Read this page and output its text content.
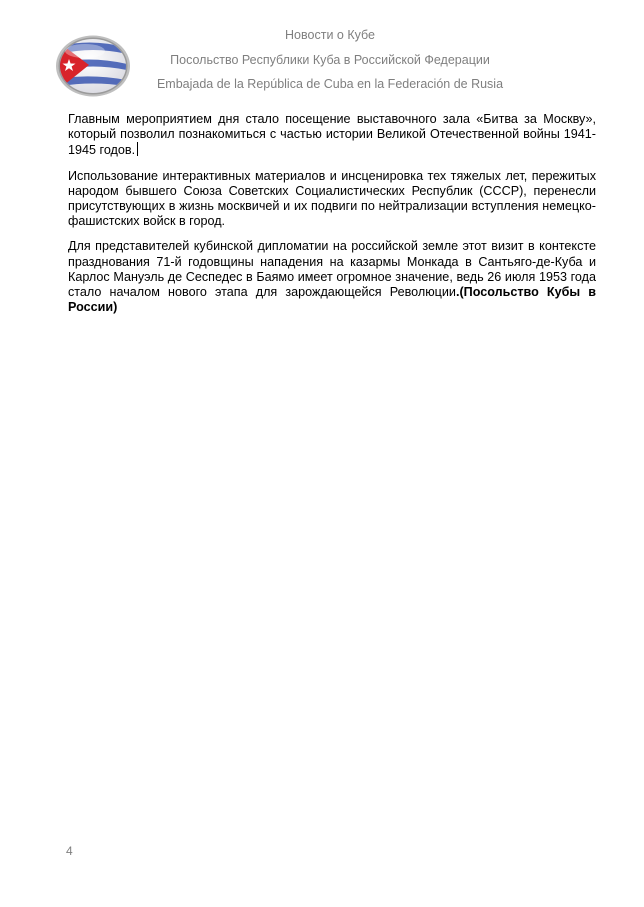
Новости о Кубе
Посольство Республики Куба в Российской Федерации
Embajada de la República de Cuba en la Federación de Rusia

Главным мероприятием дня стало посещение выставочного зала «Битва за Москву», который позволил познакомиться с частью истории Великой Отечественной войны 1941-1945 годов.

Использование интерактивных материалов и инсценировка тех тяжелых лет, пережитых народом бывшего Союза Советских Социалистических Республик (СССР), перенесли присутствующих в жизнь москвичей и их подвиги по нейтрализации вступления немецко-фашистских войск в город.

Для представителей кубинской дипломатии на российской земле этот визит в контексте празднования 71-й годовщины нападения на казармы Монкада в Сантьяго-де-Куба и Карлос Мануэль де Сеспедес в Баямо имеет огромное значение, ведь 26 июля 1953 года стало началом нового этапа для зарождающейся Революции.(Посольство Кубы в России)

4
